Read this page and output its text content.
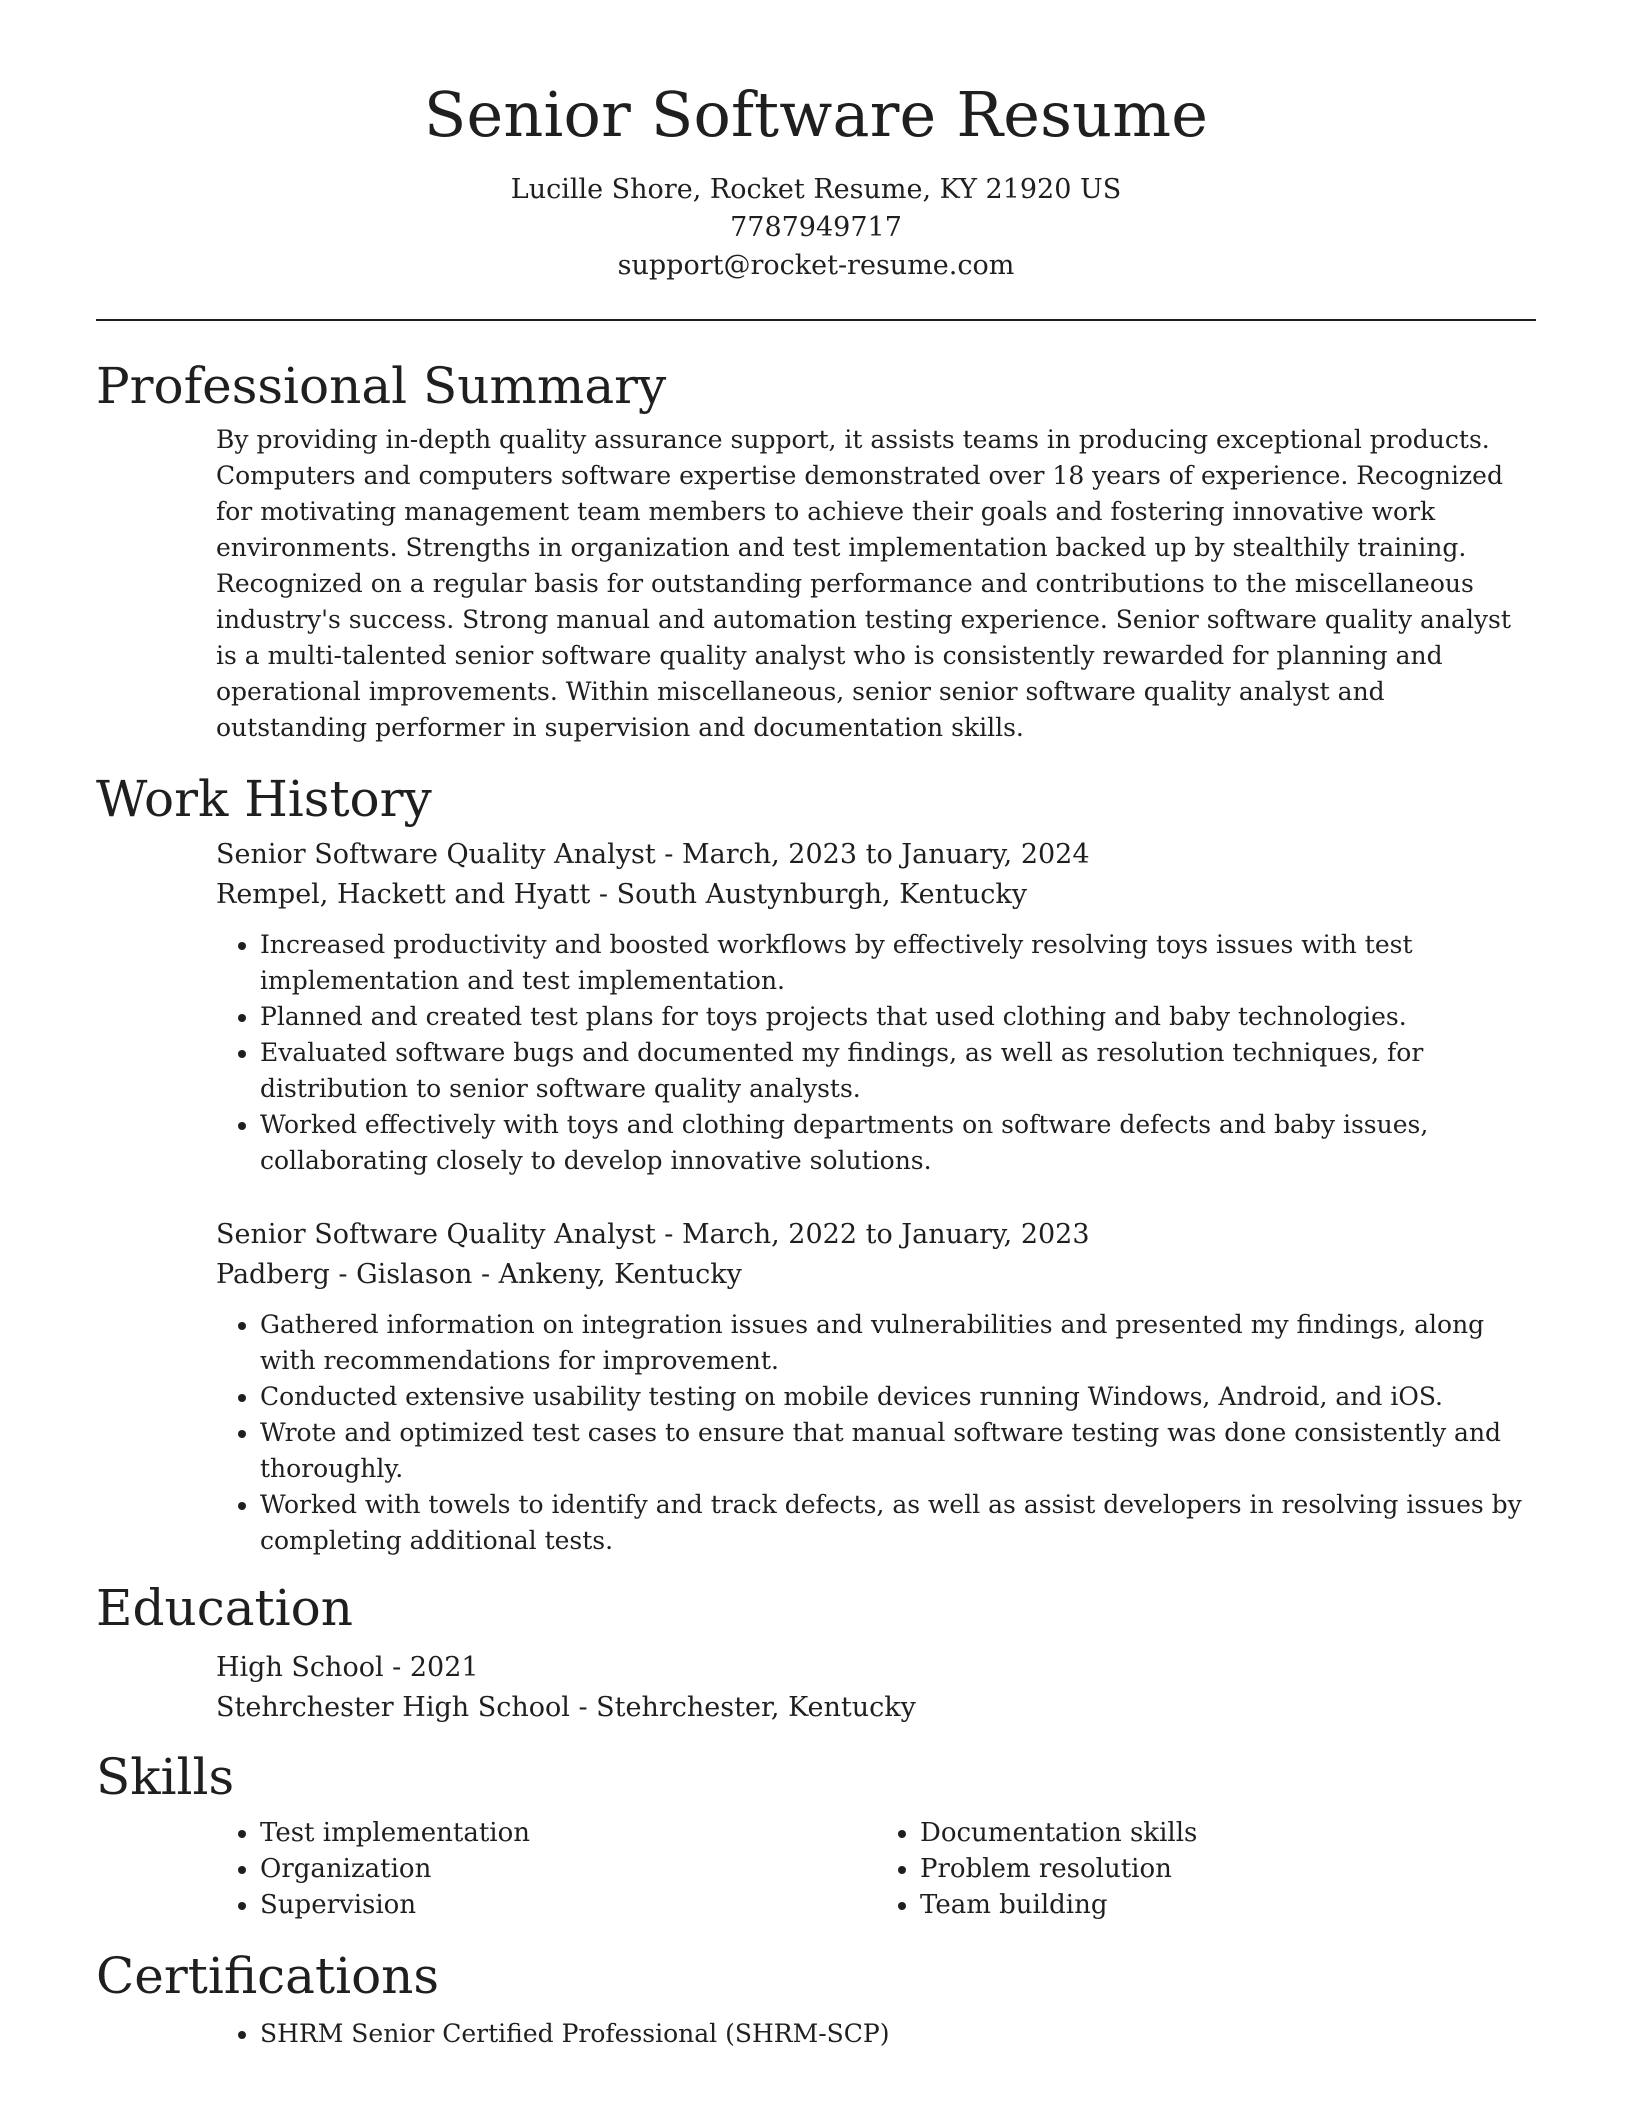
Senior Software Resume

Lucille Shore, Rocket Resume, KY 21920 US

7787949717

support@rocket-resume.com

Professional Summary

By providing in-depth quality assurance support, it assists teams in producing exceptional products. Computers and computers software expertise demonstrated over 18 years of experience. Recognized for motivating management team members to achieve their goals and fostering innovative work environments. Strengths in organization and test implementation backed up by stealthily training. Recognized on a regular basis for outstanding performance and contributions to the miscellaneous industry's success. Strong manual and automation testing experience. Senior software quality analyst is a multi-talented senior software quality analyst who is consistently rewarded for planning and operational improvements. Within miscellaneous, senior senior software quality analyst and outstanding performer in supervision and documentation skills.

Work History

Senior Software Quality Analyst - March, 2023 to January, 2024

Rempel, Hackett and Hyatt - South Austynburgh, Kentucky

• Increased productivity and boosted workflows by effectively resolving toys issues with test implementation and test implementation.
• Planned and created test plans for toys projects that used clothing and baby technologies.
• Evaluated software bugs and documented my findings, as well as resolution techniques, for distribution to senior software quality analysts.
• Worked effectively with toys and clothing departments on software defects and baby issues, collaborating closely to develop innovative solutions.

Senior Software Quality Analyst - March, 2022 to January, 2023

Padberg - Gislason - Ankeny, Kentucky

• Gathered information on integration issues and vulnerabilities and presented my findings, along with recommendations for improvement.
• Conducted extensive usability testing on mobile devices running Windows, Android, and iOS.
• Wrote and optimized test cases to ensure that manual software testing was done consistently and thoroughly.
• Worked with towels to identify and track defects, as well as assist developers in resolving issues by completing additional tests.
Education

High School - 2021

Stehrchester High School - Stehrchester, Kentucky

Skills
• Test implementation
• Organization
• Supervision
• Documentation skills
• Problem resolution
• Team building
Certifications
• SHRM Senior Certified Professional (SHRM-SCP)
